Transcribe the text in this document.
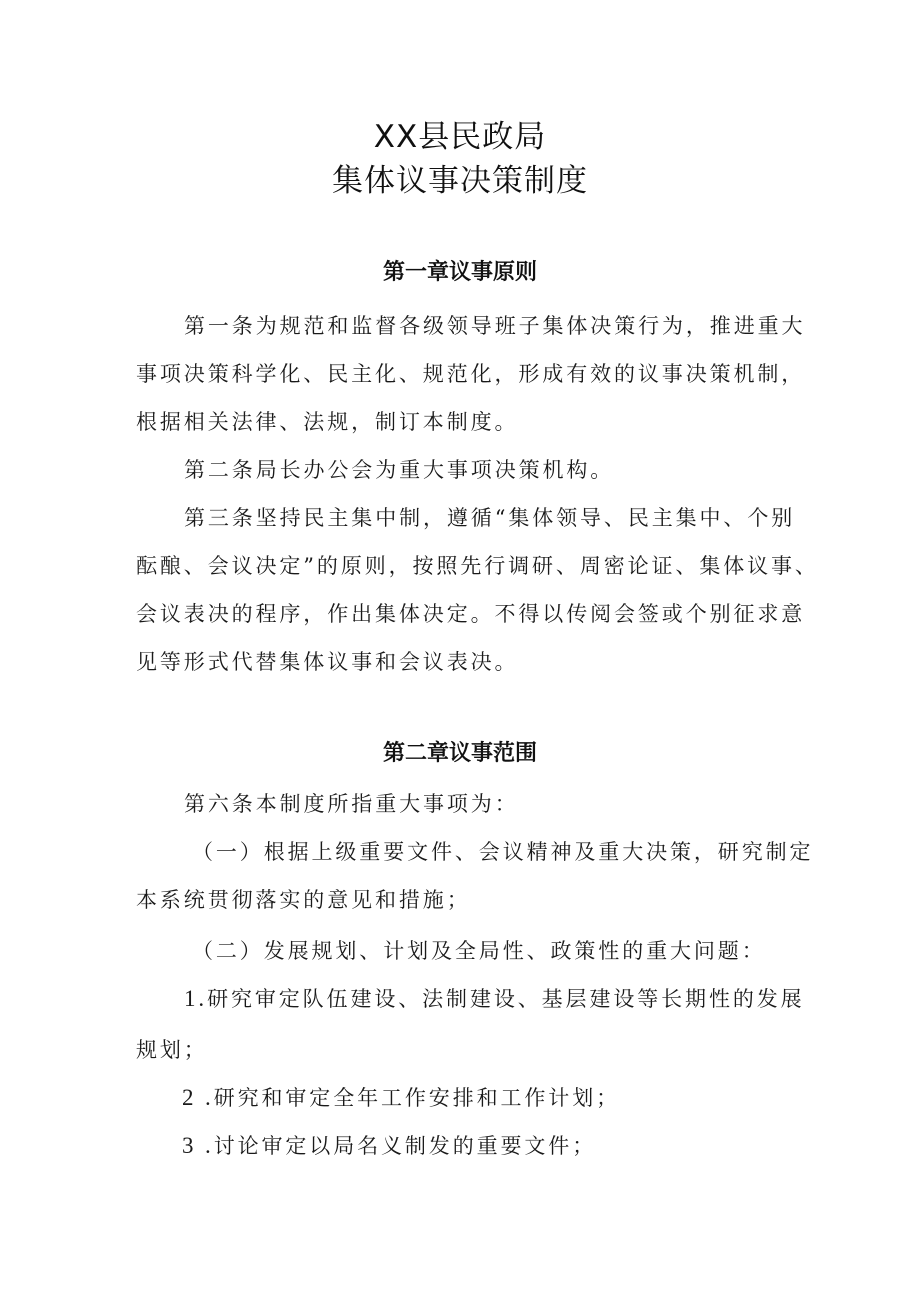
XX县民政局
集体议事决策制度
第一章议事原则
第一条为规范和监督各级领导班子集体决策行为，推进重大
事项决策科学化、民主化、规范化，形成有效的议事决策机制，
根据相关法律、法规，制订本制度。
第二条局长办公会为重大事项决策机构。
第三条坚持民主集中制，遵循“集体领导、民主集中、个别
酝酿、会议决定”的原则，按照先行调研、周密论证、集体议事、
会议表决的程序，作出集体决定。不得以传阅会签或个别征求意
见等形式代替集体议事和会议表决。
第二章议事范围
第六条本制度所指重大事项为：
（一）根据上级重要文件、会议精神及重大决策，研究制定
本系统贯彻落实的意见和措施；
（二）发展规划、计划及全局性、政策性的重大问题：
1.研究审定队伍建设、法制建设、基层建设等长期性的发展
规划；
2 .研究和审定全年工作安排和工作计划；
3 .讨论审定以局名义制发的重要文件；
